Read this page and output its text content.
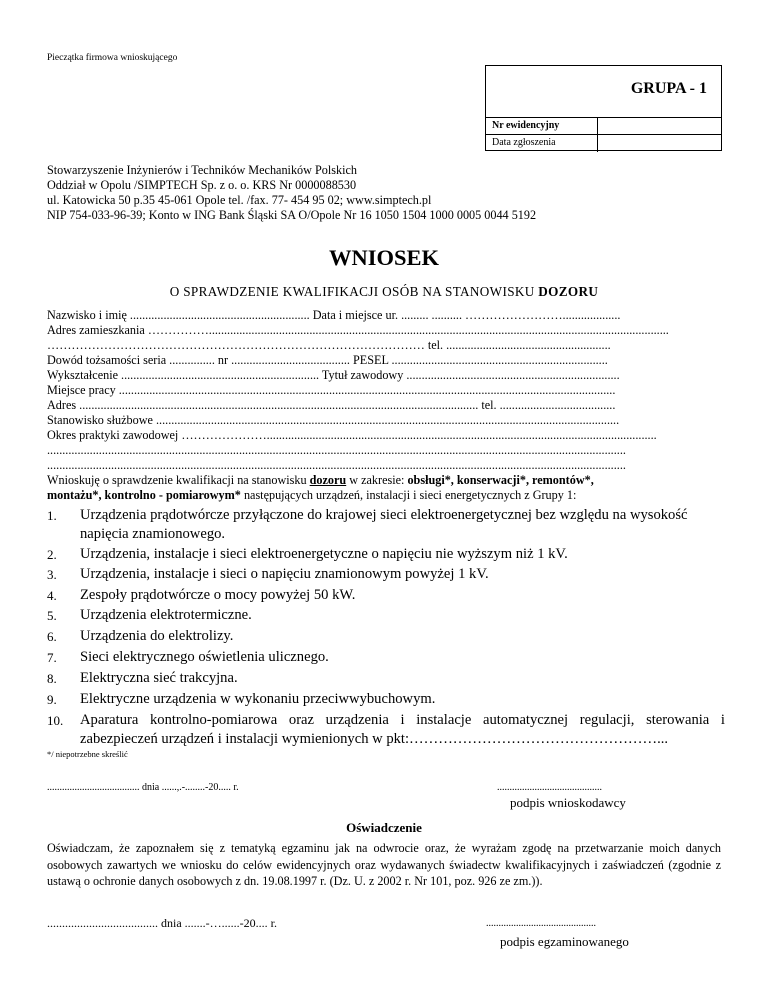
Pieczątka firmowa wnioskującego
GRUPA - 1
Nr ewidencyjny
Data zgłoszenia
Stowarzyszenie Inżynierów i Techników Mechaników Polskich
Oddział w Opolu /SIMPTECH Sp. z o. o. KRS Nr 0000088530
ul. Katowicka 50 p.35 45-061 Opole tel. /fax. 77- 454 95 02; www.simptech.pl
NIP 754-033-96-39; Konto w ING Bank Śląski SA O/Opole Nr 16 1050 1504 1000 0005 0044 5192
WNIOSEK
O SPRAWDZENIE KWALIFIKACJI OSÓB NA STANOWISKU DOZORU
Nazwisko i imię ........................................................... Data i miejsce ur. ......... .......... ……………………...................
Adres zamieszkania …………….......................................................................................................................................................
………………………………………………………………………………… tel. ......................................................
Dowód tożsamości seria ............... nr ....................................... PESEL .......................................................................
Wykształcenie ................................................................. Tytuł zawodowy ......................................................................
Miejsce pracy ...................................................................................................................................................................
Adres ................................................................................................................................... tel. ......................................
Stanowisko służbowe ........................................................................................................................................................
Okres praktyki zawodowej …………………................................................................................................................................
..............................................................................................................................................................................................
..............................................................................................................................................................................................
Wnioskuję o sprawdzenie kwalifikacji na stanowisku dozoru w zakresie: obsługi*, konserwacji*, remontów*,
montażu*, kontrolno - pomiarowym* następujących urządzeń, instalacji i sieci energetycznych z Grupy 1:
1. Urządzenia prądotwórcze przyłączone do krajowej sieci elektroenergetycznej bez względu na wysokość napięcia znamionowego.
2. Urządzenia, instalacje i sieci elektroenergetyczne o napięciu nie wyższym niż 1 kV.
3. Urządzenia, instalacje i sieci o napięciu znamionowym powyżej 1 kV.
4. Zespoły prądotwórcze o mocy powyżej 50 kW.
5. Urządzenia elektrotermiczne.
6. Urządzenia do elektrolizy.
7. Sieci elektrycznego oświetlenia ulicznego.
8. Elektryczna sieć trakcyjna.
9. Elektryczne urządzenia w wykonaniu przeciwwybuchowym.
10. Aparatura kontrolno-pomiarowa oraz urządzenia i instalacje automatycznej regulacji, sterowania i zabezpieczeń urządzeń i instalacji wymienionych w pkt:……………………………………………...
*/ niepotrzebne skreślić
..................................... dnia ......,.-........-20..... r.	..........................................
podpis wnioskodawcy
Oświadczenie
Oświadczam, że zapoznałem się z tematyką egzaminu jak na odwrocie oraz, że wyrażam zgodę na przetwarzanie moich danych osobowych zawartych we wniosku do celów ewidencyjnych oraz wydawanych świadectw kwalifikacyjnych i zaświadczeń (zgodnie z ustawą o ochronie danych osobowych z dn. 19.08.1997 r. (Dz. U. z 2002 r. Nr 101, poz. 926 ze zm.)).
..................................... dnia .......-…......-20.... r.	............................................
podpis egzaminowanego
